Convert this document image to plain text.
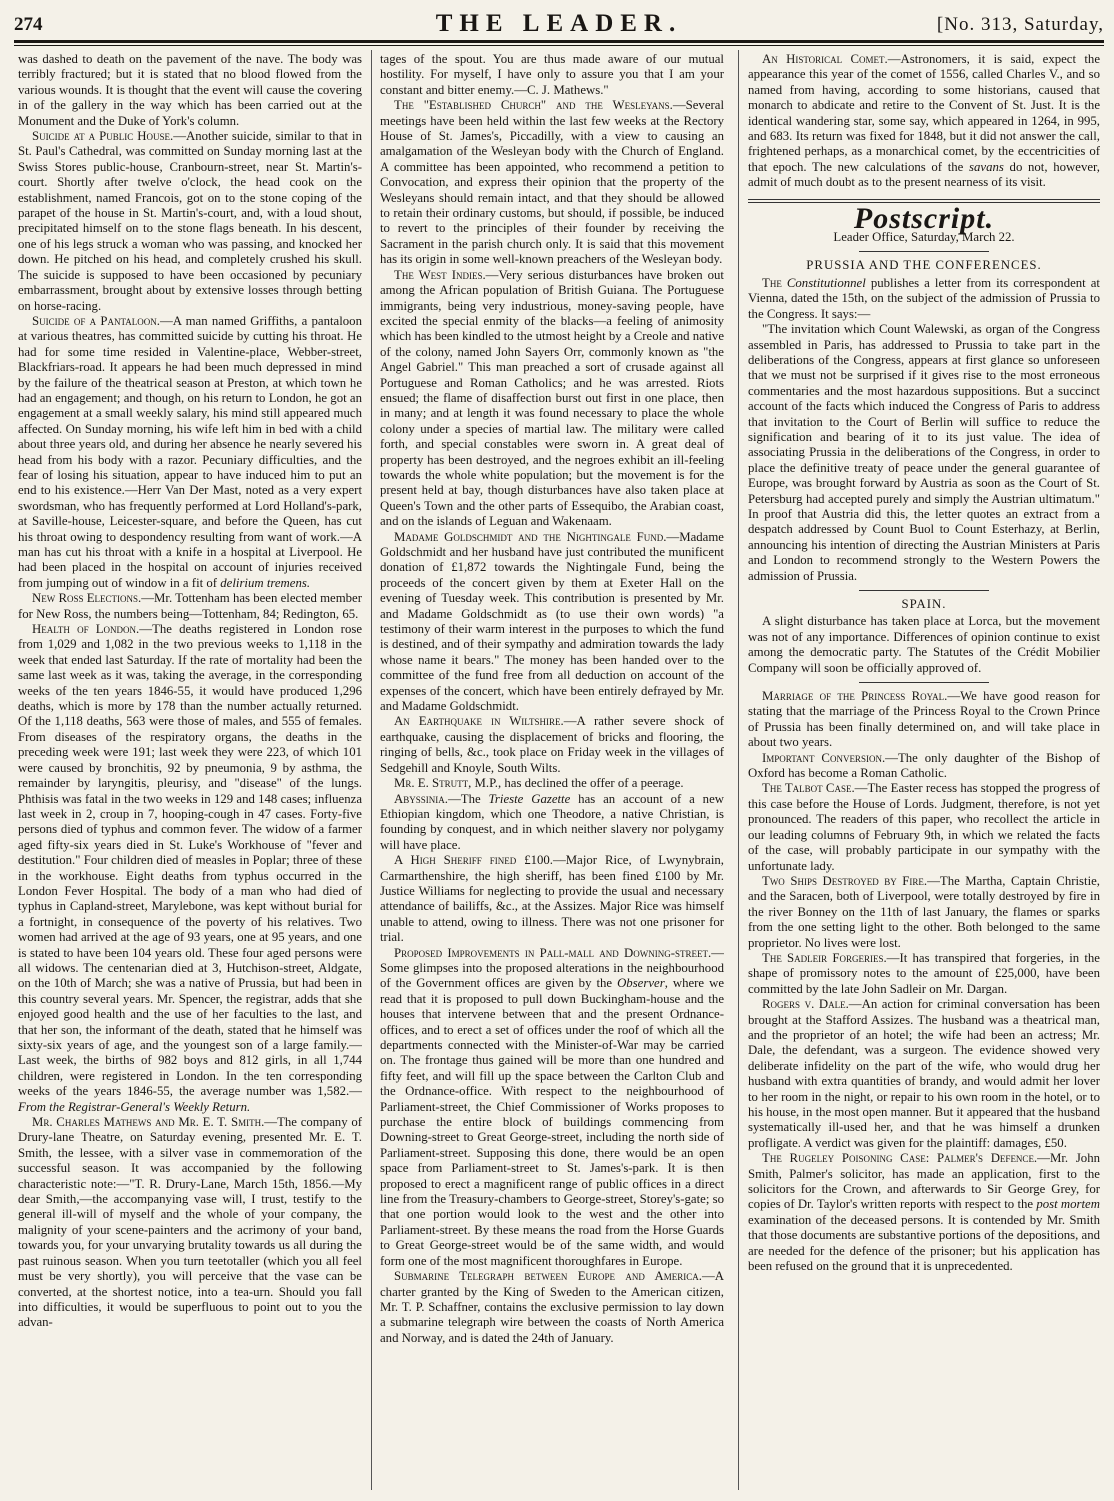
274	THE LEADER.	[No. 313, Saturday,

was dashed to death on the pavement of the nave. The body was terribly fractured; but it is stated that no blood flowed from the various wounds. It is thought that the event will cause the covering in of the gallery in the way which has been carried out at the Monument and the Duke of York's column.

Suicide at a Public House.—Another suicide, similar to that in St. Paul's Cathedral, was committed on Sunday morning last at the Swiss Stores public-house, Cranbourn-street, near St. Martin's-court. Shortly after twelve o'clock, the head cook on the establishment, named Francois, got on to the stone coping of the parapet of the house in St. Martin's-court, and, with a loud shout, precipitated himself on to the stone flags beneath. In his descent, one of his legs struck a woman who was passing, and knocked her down. He pitched on his head, and completely crushed his skull. The suicide is supposed to have been occasioned by pecuniary embarrassment, brought about by extensive losses through betting on horse-racing.

Suicide of a Pantaloon.—A man named Griffiths, a pantaloon at various theatres, has committed suicide by cutting his throat. He had for some time resided in Valentine-place, Webber-street, Blackfriars-road. It appears he had been much depressed in mind by the failure of the theatrical season at Preston, at which town he had an engagement; and though, on his return to London, he got an engagement at a small weekly salary, his mind still appeared much affected. On Sunday morning, his wife left him in bed with a child about three years old, and during her absence he nearly severed his head from his body with a razor. Pecuniary difficulties, and the fear of losing his situation, appear to have induced him to put an end to his existence.—Herr Van Der Mast, noted as a very expert swordsman, who has frequently performed at Lord Holland's-park, at Saville-house, Leicester-square, and before the Queen, has cut his throat owing to despondency resulting from want of work.—A man has cut his throat with a knife in a hospital at Liverpool. He had been placed in the hospital on account of injuries received from jumping out of window in a fit of delirium tremens.

New Ross Elections.—Mr. Tottenham has been elected member for New Ross, the numbers being—Tottenham, 84; Redington, 65.

Health of London.—The deaths registered in London rose from 1,029 and 1,082 in the two previous weeks to 1,118 in the week that ended last Saturday. If the rate of mortality had been the same last week as it was, taking the average, in the corresponding weeks of the ten years 1846-55, it would have produced 1,296 deaths, which is more by 178 than the number actually returned. Of the 1,118 deaths, 563 were those of males, and 555 of females. From diseases of the respiratory organs, the deaths in the preceding week were 191; last week they were 223, of which 101 were caused by bronchitis, 92 by pneumonia, 9 by asthma, the remainder by laryngitis, pleurisy, and "disease" of the lungs. Phthisis was fatal in the two weeks in 129 and 148 cases; influenza last week in 2, croup in 7, hooping-cough in 47 cases. Forty-five persons died of typhus and common fever. The widow of a farmer aged fifty-six years died in St. Luke's Workhouse of "fever and destitution." Four children died of measles in Poplar; three of these in the workhouse. Eight deaths from typhus occurred in the London Fever Hospital. The body of a man who had died of typhus in Capland-street, Marylebone, was kept without burial for a fortnight, in consequence of the poverty of his relatives. Two women had arrived at the age of 93 years, one at 95 years, and one is stated to have been 104 years old. These four aged persons were all widows. The centenarian died at 3, Hutchison-street, Aldgate, on the 10th of March; she was a native of Prussia, but had been in this country several years. Mr. Spencer, the registrar, adds that she enjoyed good health and the use of her faculties to the last, and that her son, the informant of the death, stated that he himself was sixty-six years of age, and the youngest son of a large family.—Last week, the births of 982 boys and 812 girls, in all 1,744 children, were registered in London. In the ten corresponding weeks of the years 1846-55, the average number was 1,582.—From the Registrar-General's Weekly Return.

Mr. Charles Mathews and Mr. E. T. Smith.—The company of Drury-lane Theatre, on Saturday evening, presented Mr. E. T. Smith, the lessee, with a silver vase in commemoration of the successful season. It was accompanied by the following characteristic note:—"T. R. Drury-Lane, March 15th, 1856.—My dear Smith,—the accompanying vase will, I trust, testify to the general ill-will of myself and the whole of your company, the malignity of your scene-painters and the acrimony of your band, towards you, for your unvarying brutality towards us all during the past ruinous season. When you turn teetotaller (which you all feel must be very shortly), you will perceive that the vase can be converted, at the shortest notice, into a tea-urn. Should you fall into difficulties, it would be superfluous to point out to you the advan-

tages of the spout. You are thus made aware of our mutual hostility. For myself, I have only to assure you that I am your constant and bitter enemy.—C. J. Mathews."

The "Established Church" and the Wesleyans.—Several meetings have been held within the last few weeks at the Rectory House of St. James's, Piccadilly, with a view to causing an amalgamation of the Wesleyan body with the Church of England. A committee has been appointed, who recommend a petition to Convocation, and express their opinion that the property of the Wesleyans should remain intact, and that they should be allowed to retain their ordinary customs, but should, if possible, be induced to revert to the principles of their founder by receiving the Sacrament in the parish church only. It is said that this movement has its origin in some well-known preachers of the Wesleyan body.

The West Indies.—Very serious disturbances have broken out among the African population of British Guiana. The Portuguese immigrants, being very industrious, money-saving people, have excited the special enmity of the blacks—a feeling of animosity which has been kindled to the utmost height by a Creole and native of the colony, named John Sayers Orr, commonly known as "the Angel Gabriel." This man preached a sort of crusade against all Portuguese and Roman Catholics; and he was arrested. Riots ensued; the flame of disaffection burst out first in one place, then in many; and at length it was found necessary to place the whole colony under a species of martial law. The military were called forth, and special constables were sworn in. A great deal of property has been destroyed, and the negroes exhibit an ill-feeling towards the whole white population; but the movement is for the present held at bay, though disturbances have also taken place at Queen's Town and the other parts of Essequibo, the Arabian coast, and on the islands of Leguan and Wakenaam.

Madame Goldschmidt and the Nightingale Fund.—Madame Goldschmidt and her husband have just contributed the munificent donation of £1,872 towards the Nightingale Fund, being the proceeds of the concert given by them at Exeter Hall on the evening of Tuesday week. This contribution is presented by Mr. and Madame Goldschmidt as (to use their own words) "a testimony of their warm interest in the purposes to which the fund is destined, and of their sympathy and admiration towards the lady whose name it bears." The money has been handed over to the committee of the fund free from all deduction on account of the expenses of the concert, which have been entirely defrayed by Mr. and Madame Goldschmidt.

An Earthquake in Wiltshire.—A rather severe shock of earthquake, causing the displacement of bricks and flooring, the ringing of bells, &c., took place on Friday week in the villages of Sedgehill and Knoyle, South Wilts.

Mr. E. Strutt, M.P., has declined the offer of a peerage.

Abyssinia.—The Trieste Gazette has an account of a new Ethiopian kingdom, which one Theodore, a native Christian, is founding by conquest, and in which neither slavery nor polygamy will have place.

A High Sheriff fined £100.—Major Rice, of Lwynybrain, Carmarthenshire, the high sheriff, has been fined £100 by Mr. Justice Williams for neglecting to provide the usual and necessary attendance of bailiffs, &c., at the Assizes. Major Rice was himself unable to attend, owing to illness. There was not one prisoner for trial.

Proposed Improvements in Pall-mall and Downing-street.—Some glimpses into the proposed alterations in the neighbourhood of the Government offices are given by the Observer, where we read that it is proposed to pull down Buckingham-house and the houses that intervene between that and the present Ordnance-offices, and to erect a set of offices under the roof of which all the departments connected with the Minister-of-War may be carried on. The frontage thus gained will be more than one hundred and fifty feet, and will fill up the space between the Carlton Club and the Ordnance-office. With respect to the neighbourhood of Parliament-street, the Chief Commissioner of Works proposes to purchase the entire block of buildings commencing from Downing-street to Great George-street, including the north side of Parliament-street. Supposing this done, there would be an open space from Parliament-street to St. James's-park. It is then proposed to erect a magnificent range of public offices in a direct line from the Treasury-chambers to George-street, Storey's-gate; so that one portion would look to the west and the other into Parliament-street. By these means the road from the Horse Guards to Great George-street would be of the same width, and would form one of the most magnificent thoroughfares in Europe.

Submarine Telegraph between Europe and America.—A charter granted by the King of Sweden to the American citizen, Mr. T. P. Schaffner, contains the exclusive permission to lay down a submarine telegraph wire between the coasts of North America and Norway, and is dated the 24th of January.

An Historical Comet.—Astronomers, it is said, expect the appearance this year of the comet of 1556, called Charles V., and so named from having, according to some historians, caused that monarch to abdicate and retire to the Convent of St. Just. It is the identical wandering star, some say, which appeared in 1264, in 995, and 683. Its return was fixed for 1848, but it did not answer the call, frightened perhaps, as a monarchical comet, by the eccentricities of that epoch. The new calculations of the savans do not, however, admit of much doubt as to the present nearness of its visit.

Postscript.
Leader Office, Saturday, March 22.
PRUSSIA AND THE CONFERENCES.

The Constitutionnel publishes a letter from its correspondent at Vienna, dated the 15th, on the subject of the admission of Prussia to the Congress. It says:—

"The invitation which Count Walewski, as organ of the Congress assembled in Paris, has addressed to Prussia to take part in the deliberations of the Congress, appears at first glance so unforeseen that we must not be surprised if it gives rise to the most erroneous commentaries and the most hazardous suppositions. But a succinct account of the facts which induced the Congress of Paris to address that invitation to the Court of Berlin will suffice to reduce the signification and bearing of it to its just value. The idea of associating Prussia in the deliberations of the Congress, in order to place the definitive treaty of peace under the general guarantee of Europe, was brought forward by Austria as soon as the Court of St. Petersburg had accepted purely and simply the Austrian ultimatum." In proof that Austria did this, the letter quotes an extract from a despatch addressed by Count Buol to Count Esterhazy, at Berlin, announcing his intention of directing the Austrian Ministers at Paris and London to recommend strongly to the Western Powers the admission of Prussia.

SPAIN.

A slight disturbance has taken place at Lorca, but the movement was not of any importance. Differences of opinion continue to exist among the democratic party. The Statutes of the Crédit Mobilier Company will soon be officially approved of.

Marriage of the Princess Royal.—We have good reason for stating that the marriage of the Princess Royal to the Crown Prince of Prussia has been finally determined on, and will take place in about two years.

Important Conversion.—The only daughter of the Bishop of Oxford has become a Roman Catholic.

The Talbot Case.—The Easter recess has stopped the progress of this case before the House of Lords. Judgment, therefore, is not yet pronounced. The readers of this paper, who recollect the article in our leading columns of February 9th, in which we related the facts of the case, will probably participate in our sympathy with the unfortunate lady.

Two Ships Destroyed by Fire.—The Martha, Captain Christie, and the Saracen, both of Liverpool, were totally destroyed by fire in the river Bonney on the 11th of last January, the flames or sparks from the one setting light to the other. Both belonged to the same proprietor. No lives were lost.

The Sadleir Forgeries.—It has transpired that forgeries, in the shape of promissory notes to the amount of £25,000, have been committed by the late John Sadleir on Mr. Dargan.

Rogers v. Dale.—An action for criminal conversation has been brought at the Stafford Assizes. The husband was a theatrical man, and the proprietor of an hotel; the wife had been an actress; Mr. Dale, the defendant, was a surgeon. The evidence showed very deliberate infidelity on the part of the wife, who would drug her husband with extra quantities of brandy, and would admit her lover to her room in the night, or repair to his own room in the hotel, or to his house, in the most open manner. But it appeared that the husband systematically ill-used her, and that he was himself a drunken profligate. A verdict was given for the plaintiff: damages, £50.

The Rugeley Poisoning Case: Palmer's Defence.—Mr. John Smith, Palmer's solicitor, has made an application, first to the solicitors for the Crown, and afterwards to Sir George Grey, for copies of Dr. Taylor's written reports with respect to the post mortem examination of the deceased persons. It is contended by Mr. Smith that those documents are substantive portions of the depositions, and are needed for the defence of the prisoner; but his application has been refused on the ground that it is unprecedented.
